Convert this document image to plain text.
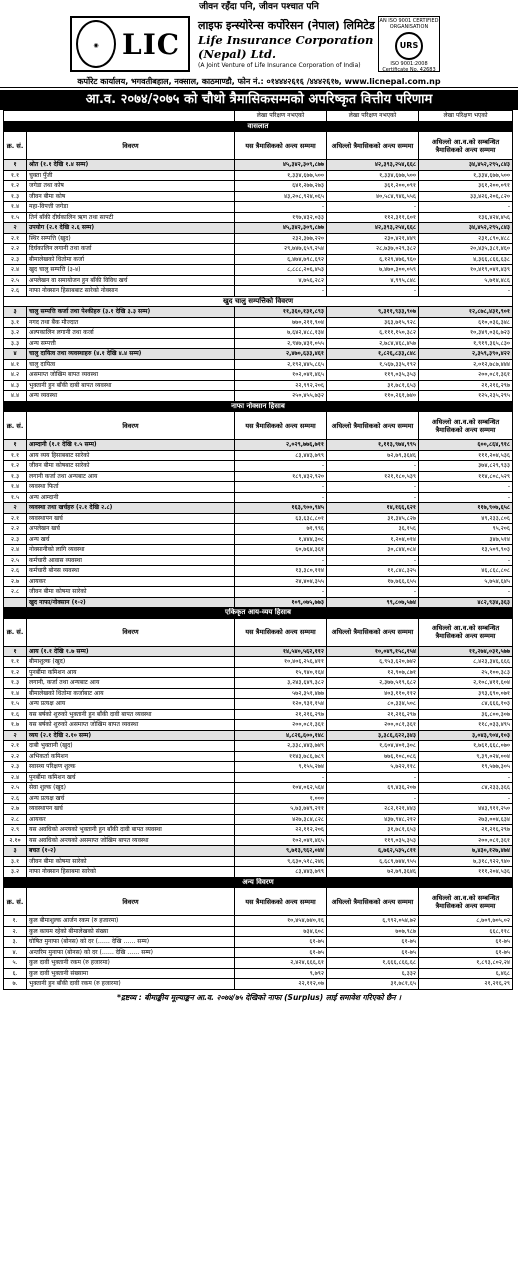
जीवन रहँदा पनि, जीवन पश्चात पनि
◉ LIC
लाइफ इन्स्योरेन्स कर्पोरेसन (नेपाल) लिमिटेड
Life Insurance Corporation (Nepal) Ltd.
(A Joint Venture of Life Insurance Corporation of India)
AN ISO 9001 CERTIFIED ORGANISATION
URS
ISO 9001:2008
Certificate No. 42683
कर्पोरेट कार्यालय, भगवतीबहाल, नक्साल, काठमाण्डौ, फोन नं.: ०१४४४२६१६ /४४४२६१७, www.licnepal.com.np
आ.व. २०७४/२०७५ को चौथो त्रैमासिकसम्मको अपरिष्कृत वित्तीय परिणाम
		लेखा परिक्षण नभएको	लेखा परिक्षण नभएको	लेखा परिक्षण भएको
वासलात				
क्र. सं.	विवरण	यस त्रैमासिकको अन्त्य सम्ममा	अघिल्लो त्रैमासिकको अन्त्य सम्ममा	अघिल्लो आ.व.को सम्बन्धित त्रैमासिकको अन्त्य सम्ममा
१	श्रोत (१.१ देखि १.४ सम्म)	४५,३४२,३०९,८७७	४२,३९३,२५४,६६८	३४,४५२,२९५,८४३
१.१	चुक्ता पुँजी	१,३३४,६७७,५००	१,३३४,६७७,५००	१,३३४,६७७,५००
१.२	जगेडा तथा कोष	६४१,२७७,२७३	३६१,२००,०९१	३६१,२००,०९१
१.३	जीवन बीमा कोष	४३,२०८,९२४,०६५	४०,५८४,९४६,५५६	३३,४२६,२०६,८२०
१.४	महा-विपत्ती जगेडा	-	-	-
१.५	तिर्न बाँकी दीर्घकालिन ऋण तथा सापटी	१९७,४३२,०३३	११२,३११,६०१	१३६,४२४,४५६
२	उपयोग (२.१ देखि २.६ सम्म)	४५,३४२,३०९,८७७	४२,३९३,२५४,६६८	३४,४५२,२९५,८४३
२.१	स्थिर सम्पत्ति (खुद)	२३२,३७७,२२०	२३०,४२१,४४९	२३१,८९०,४८८
२.२	दिर्घकालिन लगानी तथा कर्जा	२९,७४७,६५९,२५४	२८,७३७,०२९,३८२	२०,४३५,३८१,४६०
२.३	बीमालेखको धितोमा कर्जा	६,४७४,७९८,६९२	६,१२९,४७६,९६०	४,३६६,८६६,६३८
२.४	खुद चालु सम्पत्ति (३-४)	८,८८८,२०६,४५३	७,४७०,३००,०५९	१०,४१९,०४१,४३९
२.५	अपलेखन वा समायोजन हुन बाँकी विविध खर्च	४,७५६,२८२	४,९९५,८४८	५,७१४,४८६
२.६	नाफा नोक्सान हिसाबबाट सारेको नोक्सान	-	-	-
खुद चालु सम्पत्तिको विवरण				
३	चालु सम्पत्ति कर्जा तथा पेश्कीहरु (३.१ देखि ३.३ सम्म)	११,३६०,१३१,८९३	९,३११,९३३,९०७	१२,८७८,४३१,९०१
३.१	नगद तथा बैंक मौज्दात	७७०,२११,९०४	३६३,७१५,९२८	६१०,०३६,३४८
३.२	अल्पकालिन लगानी तथा कर्जा	७,६४२,४८८,१३४	६,१११,१५०,३८२	१०,३४९,०३६,७२३
३.३	अन्य सम्पत्ती	२,९४७,४३१,०५५	२,७८४,४६८,४५७	१,९१९,३६५,८३०
४	चालु दायित्व तथा व्यवस्थाहरु (४.१ देखि ४.४ सम्म)	२,४७०,६३३,४६१	१,८२६,८३३,८४८	२,३५९,३९०,४२२
४.१	चालु दायित्व	२,१९२,४४५,८६५	१,५६७,३३५,१९२	२,०१२,७८७,४४४
४.२	असमाप्त जोखिम बापत व्यवस्था	१०२,०४१,४६५	११९,०३५,३५३	२००,०८१,३६१
४.३	भुक्तानी हुन बाँकी दाबी बापत व्यवस्था	२२,९९२,२०६	३१,७८१,६५३	२१,२१६,२९७
४.४	अन्य व्यवस्था	२५०,४५५,७३२	११०,२६१,७४०	१२५,२३५,२९५
नाफा नोक्सान हिसाब				
क्र. सं.	विवरण	यस त्रैमासिकको अन्त्य सम्ममा	अघिल्लो त्रैमासिकको अन्त्य सम्ममा	अघिल्लो आ.व.को सम्बन्धित त्रैमासिकको अन्त्य सम्ममा
१	आम्दानी (१.१ देखि १.५ सम्म)	२,०२९,७७६,७११	१,११३,९७४,९९५	६००,८६४,९१८
१.१	आय व्यय हिसाबबाट सारेको	८३,४४३,७९९	७२,७९,३६४६	१११,२०४,५३६
१.२	जीवन बीमा कोषबाट सारेको	-	-	३७४,८२९,९३३
१.३	लगानी कर्जा तथा अन्यबाट आय	१८९,४३२,९२०	१२१,१८०,५३९	११४,८०८,५२९
१.४	व्यवस्था फिर्ता	-	-	-
१.५	अन्य आम्दानी	-	-	-
२	व्यवस्था तथा खर्चहरु (२.१ देखि २.८)	१६३,९००,९४५	१४,१६६,६२१	११७,९०७,६५८
२.१	व्यवस्थापन खर्च	६३,६३८,८०१	३१,३४५,८२७	४९,२३३,८०६
२.२	अपलेखन खर्च	७१,९९६	३६,१५६	९५,२०६
२.३	अन्य खर्च	१,४४४,३०८	१,२०४,०१४	३४७,५१४
२.४	नोक्सानीको लागि व्यवस्था	६०,७६४,३६१	३०,८४४,०८४	१३,५०९,९०३
२.५	कर्मचारी आवास व्यवस्था	-	-	-
२.६	कर्मचारी बोनस व्यवस्था	१३,३८०,११४	११,८४८,३२५	४६,८६८,८०८
२.७	आयकर	२४,४०४,३५५	१७,७६६,६५५	५,७५४,६४५
२.८	जीवन बीमा कोषमा सारेको	-	-	-
	खुद नाफा/नोक्सान (१-२)	१०९,०७५,७७३	९९,८०७,५७४	४८२,९३४,३६३
एकिकृत आय-व्यय हिसाब				
क्र. सं.	विवरण	यस त्रैमासिकको अन्त्य सम्ममा	अघिल्लो त्रैमासिकको अन्त्य सम्ममा	अघिल्लो आ.व.को सम्बन्धित त्रैमासिकको अन्त्य सम्ममा
१	आय (१.१ देखि १.७ सम्म)	१४,५४०,५६२,११२	१०,०४९,१५८,१५४	११,२७४,०३१,५७७
१.१	बीमाशुल्क (खुद)	१०,४०६,२५६,४११	६,९५३,६२०,७४२	८,४२३,३४६,६६६
१.२	पुनर्बीमा कमिशन आय	१५,९४०,१६४	१२,९०७,८७१	२५,१००,३८३
१.३	लगानी, कर्जा तथा अन्यबाट आय	३,२४३,६४९,३८२	२,३७७,५१९,६८२	२,१०८,४११,६०४
१.४	बीमालेखको धितोमा कर्जाबाट आय	५७२,३५१,४७७	४०३,११०,११२	३९३,६९०,०७१
१.५	अन्य प्रत्यक्ष आय	१२०,९३१,१५४	८०,३३४,५०८	८४,६६६,१०३
१.६	यस बर्षको शुरुको भुक्तानी हुन बाँकी दावी बापत व्यवस्था	२१,२१६,२९७	२१,२१६,२९७	३६,८००,३०७
१.७	यस बर्षको शुरुको असमाप्त जोखिम बापत व्यवस्था	२००,०८१,३६१	२००,०८१,३६१	११८,०३३,४९५
२	व्यय (२.१ देखि २.१० सम्म)	४,८२६,६००,१४८	३,३८६,६२२,३४३	३,०४३,९०४,१०३
२.१	दाबी भुक्तानी (खुद)	२,३३८,४४३,७४९	१,६०४,४०१,३०८	१,७६१,६६८,०७०
२.२	अभिकर्ता कमिशन	११४३,७८६,७८९	७७६,१०८,०८६	९,३९,०२४,००४
२.३	स्वास्थ्य परिक्षण शुल्क	९,१५५,२७४	५,७२२,११८	१९,५७७,३०५
२.४	पुनर्बीमा कमिशन खर्च	-	-	-
२.५	सेवा शुल्क (खुद)	१०४,०६२,५६४	६९,४३६,२०७	८४,२३३,३६६
२.६	अन्य प्रत्यक्ष खर्च	१,०००	-	-
२.७	व्यवस्थापन खर्च	५,७३,७४९,२११	२८२,१२१,४४३	४४३,९११,२५०
२.८	आयकर	४२७,३८४,८२८	४३७,९४८,२१२	२७३,००४,६३४
२.९	यस अवधिको अन्त्यको भुक्तानी हुन बाँकी दावी बापत व्यवस्था	२२,११२,२०६	३१,७८१,६५३	२१,२१६,२९७
२.१०	यस अवधिको अन्त्यको असमाप्त जोखिम बापत व्यवस्था	१०२,०४१,४६५	११९,०३५,३५३	२००,०८१,३६१
३	बचत (१-२)	९,७१३,९६२,०४४	६,७६२,५३५,८११	७,४३०,१२७,४७४
३.१	जीवन बीमा कोषमा सारेको	९,६३०,५१८,२४६	६,६८९,७४४,९५५	७,३१८,९२२,९४०
३.२	नाफा नोक्सान हिसाबमा सारेको	८३,४४३,७९९	७२,७९,३६४६	१११,२०४,५३६
अन्य विवरण				
क्र. सं.	विवरण	यस त्रैमासिकको अन्त्य सम्ममा	अघिल्लो त्रैमासिकको अन्त्य सम्ममा	अघिल्लो आ.व.को सम्बन्धित त्रैमासिकको अन्त्य सम्ममा
१.	कुल बीमाशुल्क आर्जन रकम (रु हजारमा)	१०,४५४,७४०,१६	६,९९२,०५४,७२	८,७०९,७०५,०२
२.	कुल कायम रहेको बीमालेखको संख्या	७३४,६०८	७०७,९८७	६६८,११८
३.	घोषित मुनाफा (बोनस) को दर (…… देखि …… सम्म)	६१-७५	६१-७५	६१-७५
४.	अन्तरिम मुनाफा (बोनस) को दर (…… देखि …… सम्म)	६१-७५	६१-७५	६१-७५
५.	कुल दावी भुक्तानी रकम (रु हजारमा)	२,४२४,६६६,६१	१,६६६,८६६,६८	१,८९३,८०२,२४
६.	कुल दावी भुक्तानी संख्यामा	९,७९२	६,३३२	६,४६८
७.	भुक्तानी हुन बाँकी दावी रकम (रु हजारमा)	२२,११२,०७	३१,७८१,६५	२१,२१६,२९
*द्रष्टव्य : बीमाङ्कीय मूल्याङ्कन आ.व. २०७४/७५ देखिको नाफा (Surplus) लाई समावेश गरिएको छैन ।
